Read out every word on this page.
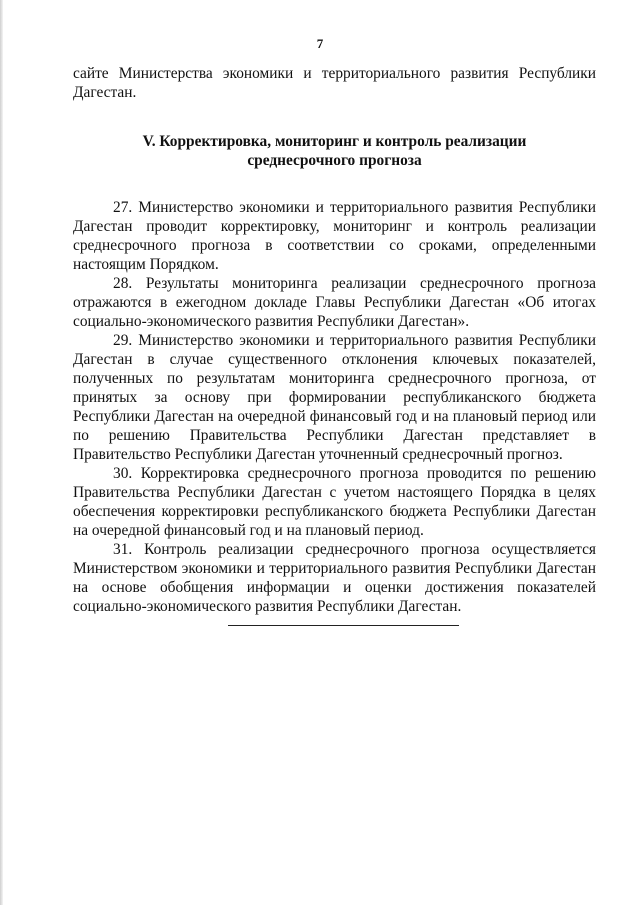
7

сайте Министерства экономики и территориального развития Республики Дагестан.

V. Корректировка, мониторинг и контроль реализации
среднесрочного прогноза

27. Министерство экономики и территориального развития Республики Дагестан проводит корректировку, мониторинг и контроль реализации среднесрочного прогноза в соответствии со сроками, определенными настоящим Порядком.

28. Результаты мониторинга реализации среднесрочного прогноза отражаются в ежегодном докладе Главы Республики Дагестан «Об итогах социально-экономического развития Республики Дагестан».

29. Министерство экономики и территориального развития Республики Дагестан в случае существенного отклонения ключевых показателей, полученных по результатам мониторинга среднесрочного прогноза, от принятых за основу при формировании республиканского бюджета Республики Дагестан на очередной финансовый год и на плановый период или по решению Правительства Республики Дагестан представляет в Правительство Республики Дагестан уточненный среднесрочный прогноз.

30. Корректировка среднесрочного прогноза проводится по решению Правительства Республики Дагестан с учетом настоящего Порядка в целях обеспечения корректировки республиканского бюджета Республики Дагестан на очередной финансовый год и на плановый период.

31. Контроль реализации среднесрочного прогноза осуществляется Министерством экономики и территориального развития Республики Дагестан на основе обобщения информации и оценки достижения показателей социально-экономического развития Республики Дагестан.
